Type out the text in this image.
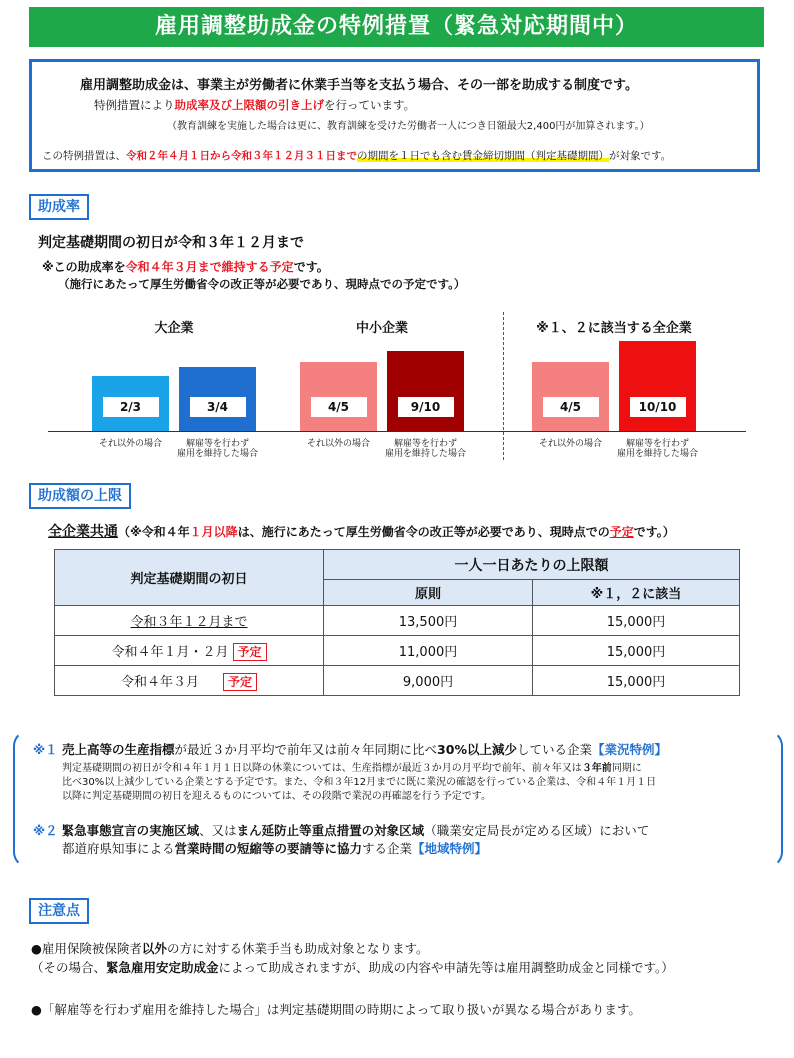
雇用調整助成金の特例措置（緊急対応期間中）
雇用調整助成金は、事業主が労働者に休業手当等を支払う場合、その一部を助成する制度です。
特例措置により助成率及び上限額の引き上げを行っています。
（教育訓練を実施した場合は更に、教育訓練を受けた労働者一人につき日額最大2,400円が加算されます。）
この特例措置は、令和２年４月１日から令和３年１２月３１日までの期間を１日でも含む賃金締切期間（判定基礎期間）が対象です。
助成率
判定基礎期間の初日が令和３年１２月まで
※この助成率を令和４年３月まで維持する予定です。
（施行にあたって厚生労働省令の改正等が必要であり、現時点での予定です。）
大企業
2/3
それ以外の場合
3/4
解雇等を行わず
雇用を維持した場合
中小企業
4/5
それ以外の場合
9/10
解雇等を行わず
雇用を維持した場合
※１、２に該当する全企業
4/5
それ以外の場合
10/10
解雇等を行わず
雇用を維持した場合
助成額の上限
全企業共通（※令和４年１月以降は、施行にあたって厚生労働省令の改正等が必要であり、現時点での予定です。）
判定基礎期間の初日	一人一日あたりの上限額	
	原則	※１，２に該当
令和３年１２月まで	13,500円	15,000円
令和４年１月・２月 予定	11,000円	15,000円
令和４年３月 予定	9,000円	15,000円
※１ 売上高等の生産指標が最近３か月平均で前年又は前々年同期に比べ30%以上減少している企業【業況特例】
判定基礎期間の初日が令和４年１月１日以降の休業については、生産指標が最近３か月の月平均で前年、前々年又は３年前同期に
比べ30%以上減少している企業とする予定です。また、令和３年12月までに既に業況の確認を行っている企業は、令和４年１月１日
以降に判定基礎期間の初日を迎えるものについては、その段階で業況の再確認を行う予定です。
※２ 緊急事態宣言の実施区域、又はまん延防止等重点措置の対象区域（職業安定局長が定める区域）において
都道府県知事による営業時間の短縮等の要請等に協力する企業【地域特例】
注意点
●雇用保険被保険者以外の方に対する休業手当も助成対象となります。
（その場合、緊急雇用安定助成金によって助成されますが、助成の内容や申請先等は雇用調整助成金と同様です。）
●「解雇等を行わず雇用を維持した場合」は判定基礎期間の時期によって取り扱いが異なる場合があります。
